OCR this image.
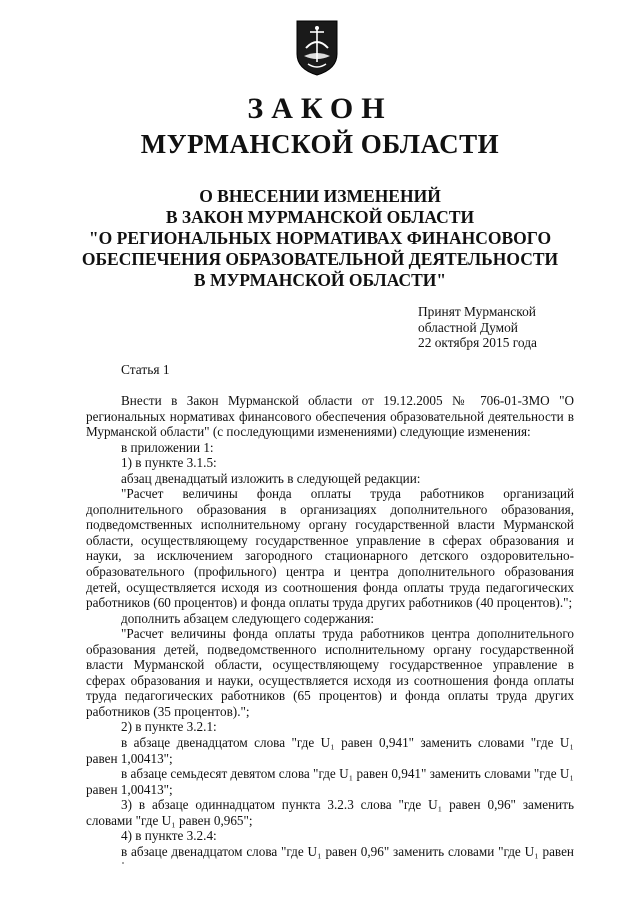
ЗАКОН
МУРМАНСКОЙ ОБЛАСТИ
О ВНЕСЕНИИ ИЗМЕНЕНИЙ
В ЗАКОН МУРМАНСКОЙ ОБЛАСТИ
"О РЕГИОНАЛЬНЫХ НОРМАТИВАХ ФИНАНСОВОГО
ОБЕСПЕЧЕНИЯ ОБРАЗОВАТЕЛЬНОЙ ДЕЯТЕЛЬНОСТИ
В МУРМАНСКОЙ ОБЛАСТИ"
Принят Мурманской
областной Думой
22 октября 2015 года
Статья 1

Внести в Закон Мурманской области от 19.12.2005 № 706-01-ЗМО "О региональных нормативах финансового обеспечения образовательной деятельности в Мурманской области" (с последующими изменениями) следующие изменения:

в приложении 1:

1) в пункте 3.1.5:

абзац двенадцатый изложить в следующей редакции:

"Расчет величины фонда оплаты труда работников организаций дополнительного образования в организациях дополнительного образования, подведомственных исполнительному органу государственной власти Мурманской области, осуществляющему государственное управление в сферах образования и науки, за исключением загородного стационарного детского оздоровительно-образовательного (профильного) центра и центра дополнительного образования детей, осуществляется исходя из соотношения фонда оплаты труда педагогических работников (60 процентов) и фонда оплаты труда других работников (40 процентов).";

дополнить абзацем следующего содержания:

"Расчет величины фонда оплаты труда работников центра дополнительного образования детей, подведомственного исполнительному органу государственной власти Мурманской области, осуществляющему государственное управление в сферах образования и науки, осуществляется исходя из соотношения фонда оплаты труда педагогических работников (65 процентов) и фонда оплаты труда других работников (35 процентов).";

2) в пункте 3.2.1:

в абзаце двенадцатом слова "где U₁ равен 0,941" заменить словами "где U₁ равен 1,00413";

в абзаце семьдесят девятом слова "где U₁ равен 0,941" заменить словами "где U₁ равен 1,00413";

3) в абзаце одиннадцатом пункта 3.2.3 слова "где U₁ равен 0,96" заменить словами "где U₁ равен 0,965";

4) в пункте 3.2.4:

в абзаце двенадцатом слова "где U₁ равен 0,96" заменить словами "где U₁ равен
